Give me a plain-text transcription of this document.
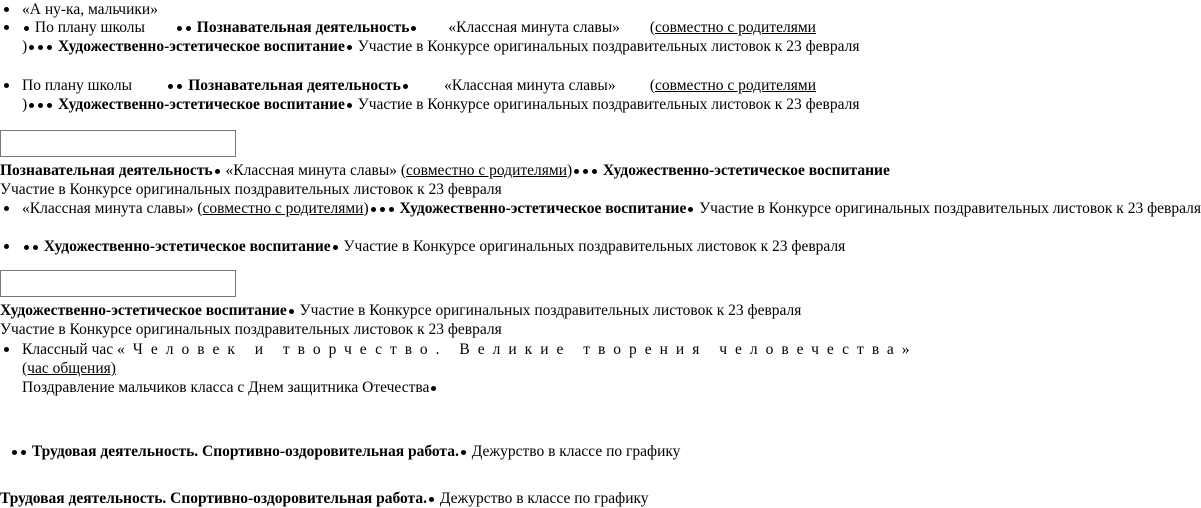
«А ну-ка, мальчики»
По плану школы	Познавательная деятельность	«Классная минута славы» (совместно с родителями
) Художественно-эстетическое воспитание Участие в Конкурсе оригинальных поздравительных листовок к 23 февраля
По плану школы	Познавательная деятельность	«Классная минута славы» (совместно с родителями
) Художественно-эстетическое воспитание Участие в Конкурсе оригинальных поздравительных листовок к 23 февраля
Познавательная деятельность «Классная минута славы» (совместно с родителями) Художественно-эстетическое воспитание
Участие в Конкурсе оригинальных поздравительных листовок к 23 февраля
«Классная минута славы» (совместно с родителями) Художественно-эстетическое воспитание Участие в Конкурсе оригинальных поздравительных листовок к 23 февраля
Художественно-эстетическое воспитание Участие в Конкурсе оригинальных поздравительных листовок к 23 февраля
Художественно-эстетическое воспитание Участие в Конкурсе оригинальных поздравительных листовок к 23 февраля
Участие в Конкурсе оригинальных поздравительных листовок к 23 февраля
Классный час «Человек и творчество. Великие творения человечества»
(час общения)
Поздравление мальчиков класса с Днем защитника Отечества
Трудовая деятельность. Спортивно-оздоровительная работа. Дежурство в классе по графику
Трудовая деятельность. Спортивно-оздоровительная работа. Дежурство в классе по графику
